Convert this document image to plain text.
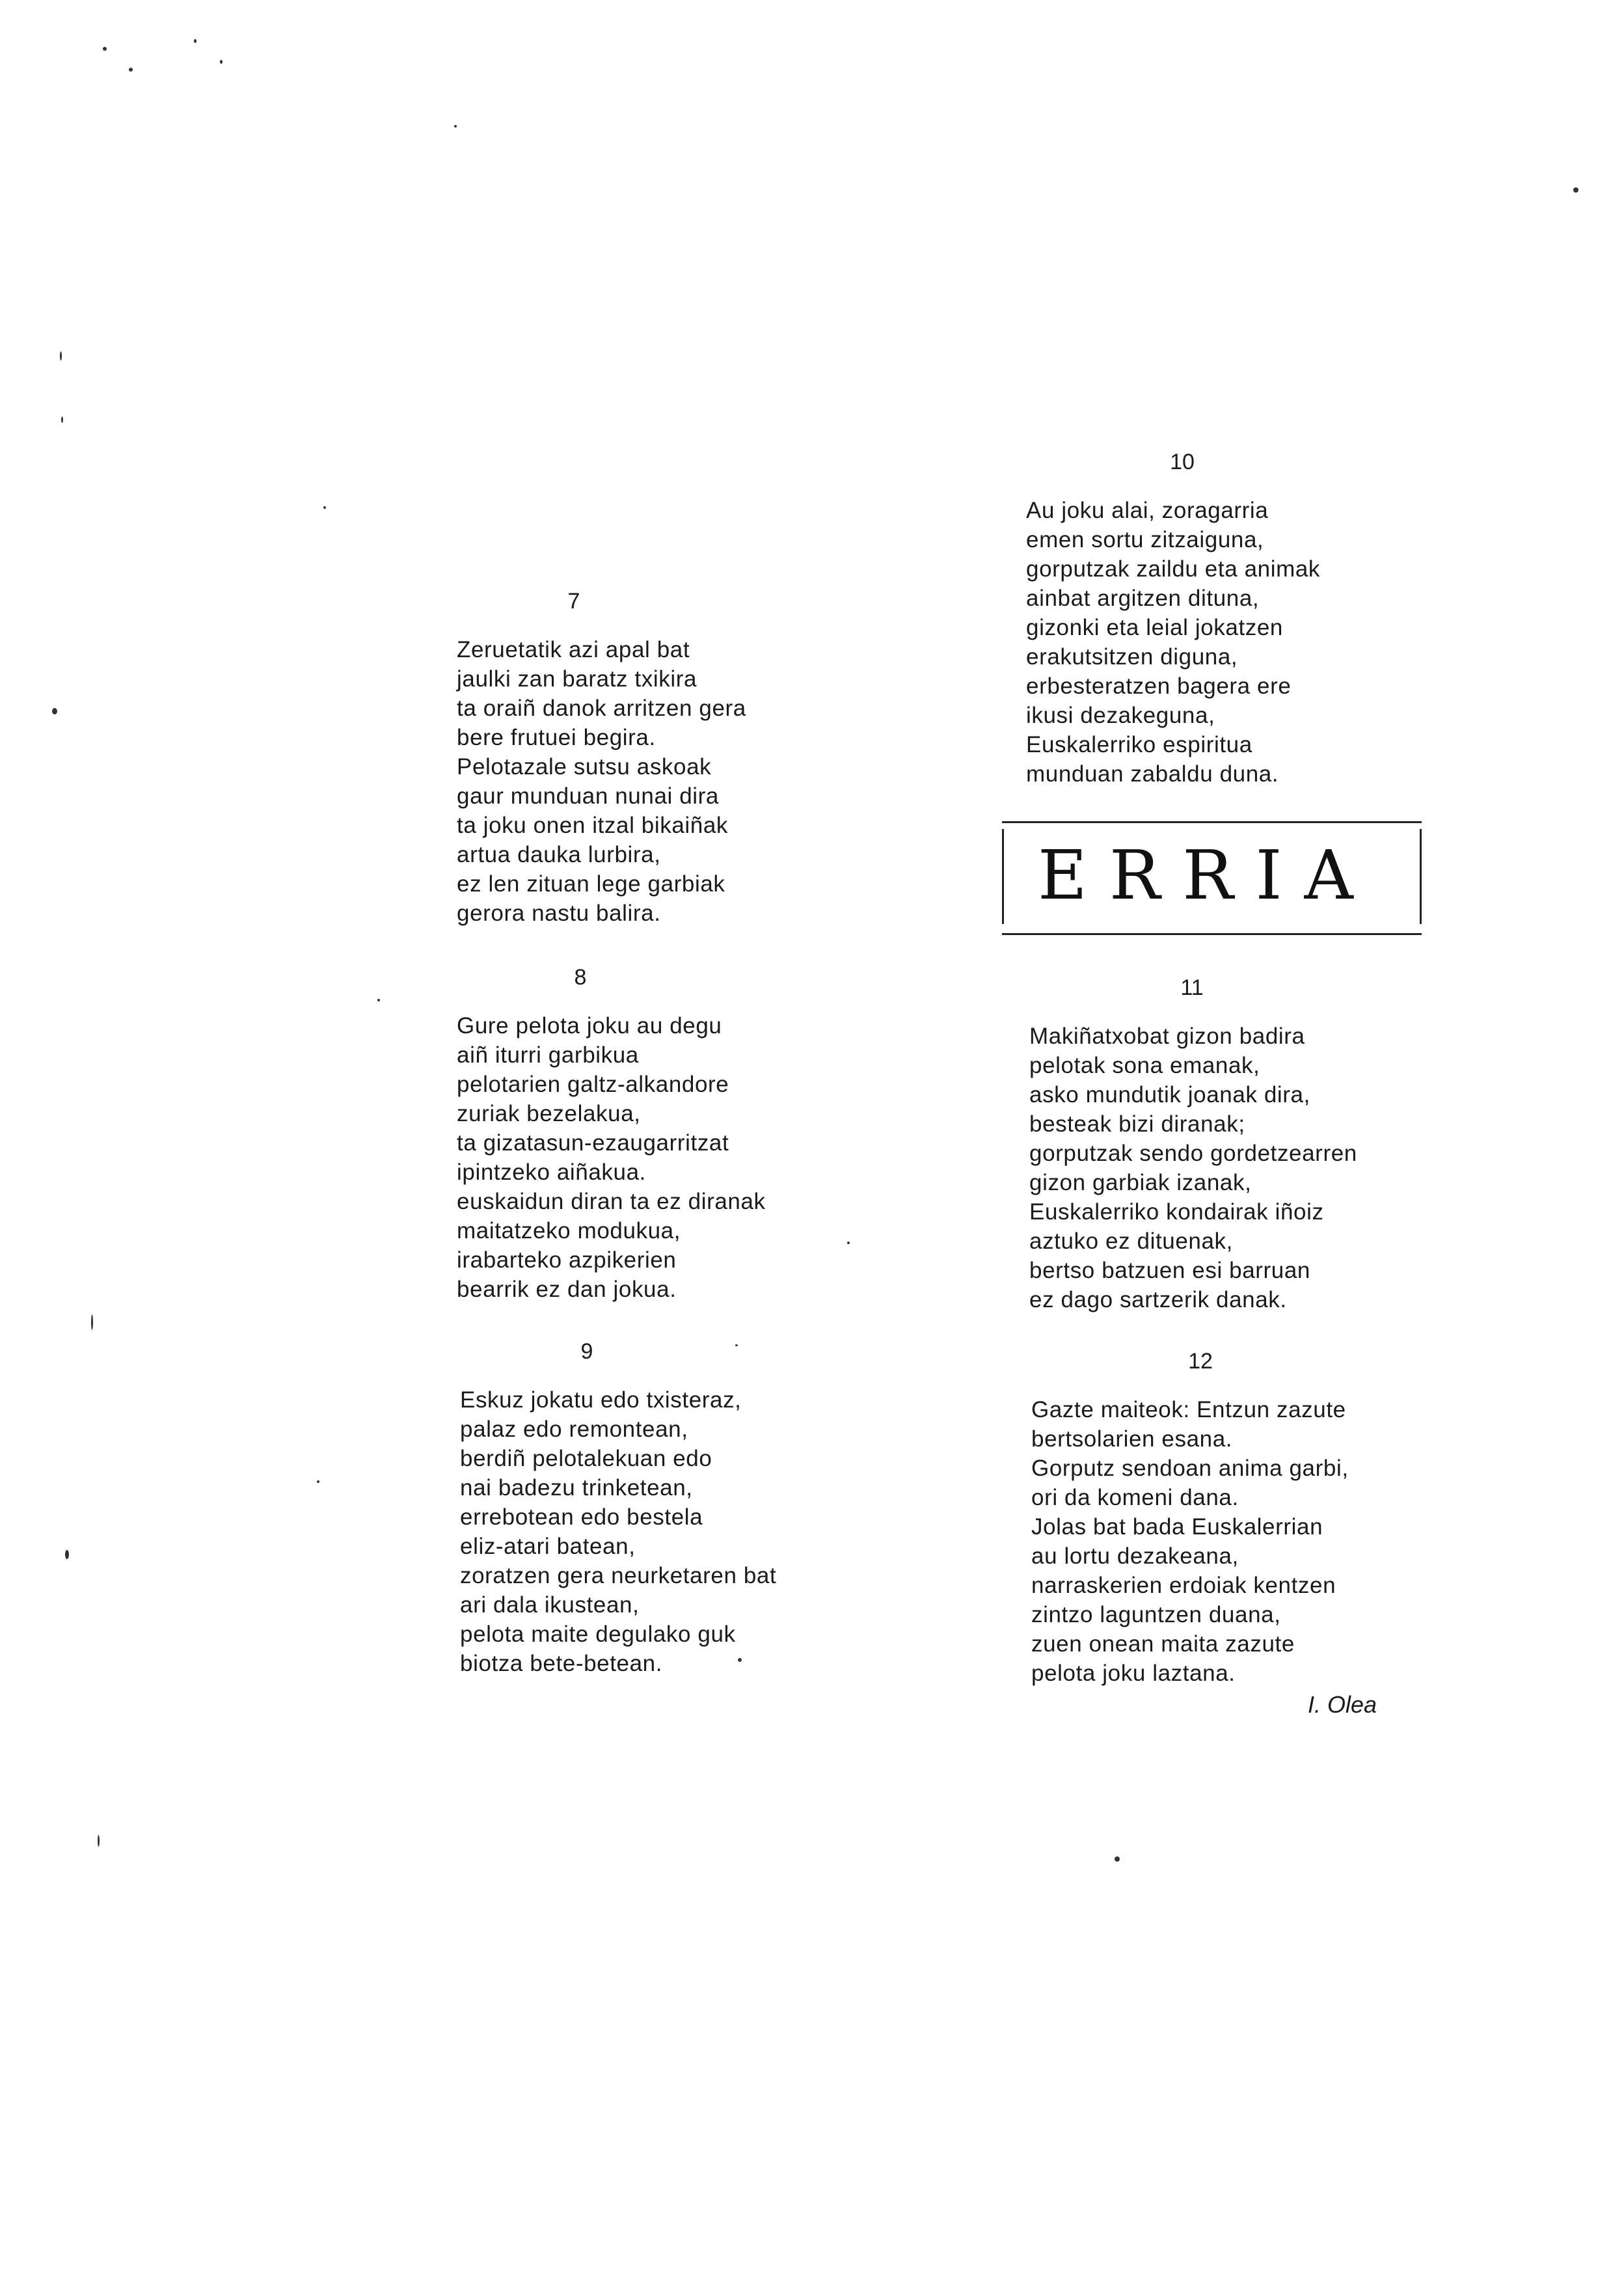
7
Zeruetatik azi apal bat
jaulki zan baratz txikira
ta oraiñ danok arritzen gera
bere frutuei begira.
Pelotazale sutsu askoak
gaur munduan nunai dira
ta joku onen itzal bikaiñak
artua dauka lurbira,
ez len zituan lege garbiak
gerora nastu balira.
8
Gure pelota joku au degu
aiñ iturri garbikua
pelotarien galtz-alkandore
zuriak bezelakua,
ta gizatasun-ezaugarritzat
ipintzeko aiñakua.
euskaidun diran ta ez diranak
maitatzeko modukua,
irabarteko azpikerien
bearrik ez dan jokua.
9
Eskuz jokatu edo txisteraz,
palaz edo remontean,
berdiñ pelotalekuan edo
nai badezu trinketean,
errebotean edo bestela
eliz-atari batean,
zoratzen gera neurketaren bat
ari dala ikustean,
pelota maite degulako guk
biotza bete-betean.
10
Au joku alai, zoragarria
emen sortu zitzaiguna,
gorputzak zaildu eta animak
ainbat argitzen dituna,
gizonki eta leial jokatzen
erakutsitzen diguna,
erbesteratzen bagera ere
ikusi dezakeguna,
Euskalerriko espiritua
munduan zabaldu duna.
ERRIA
11
Makiñatxobat gizon badira
pelotak sona emanak,
asko mundutik joanak dira,
besteak bizi diranak;
gorputzak sendo gordetzearren
gizon garbiak izanak,
Euskalerriko kondairak iñoiz
aztuko ez dituenak,
bertso batzuen esi barruan
ez dago sartzerik danak.
12
Gazte maiteok: Entzun zazute
bertsolarien esana.
Gorputz sendoan anima garbi,
ori da komeni dana.
Jolas bat bada Euskalerrian
au lortu dezakeana,
narraskerien erdoiak kentzen
zintzo laguntzen duana,
zuen onean maita zazute
pelota joku laztana.
I. Olea
